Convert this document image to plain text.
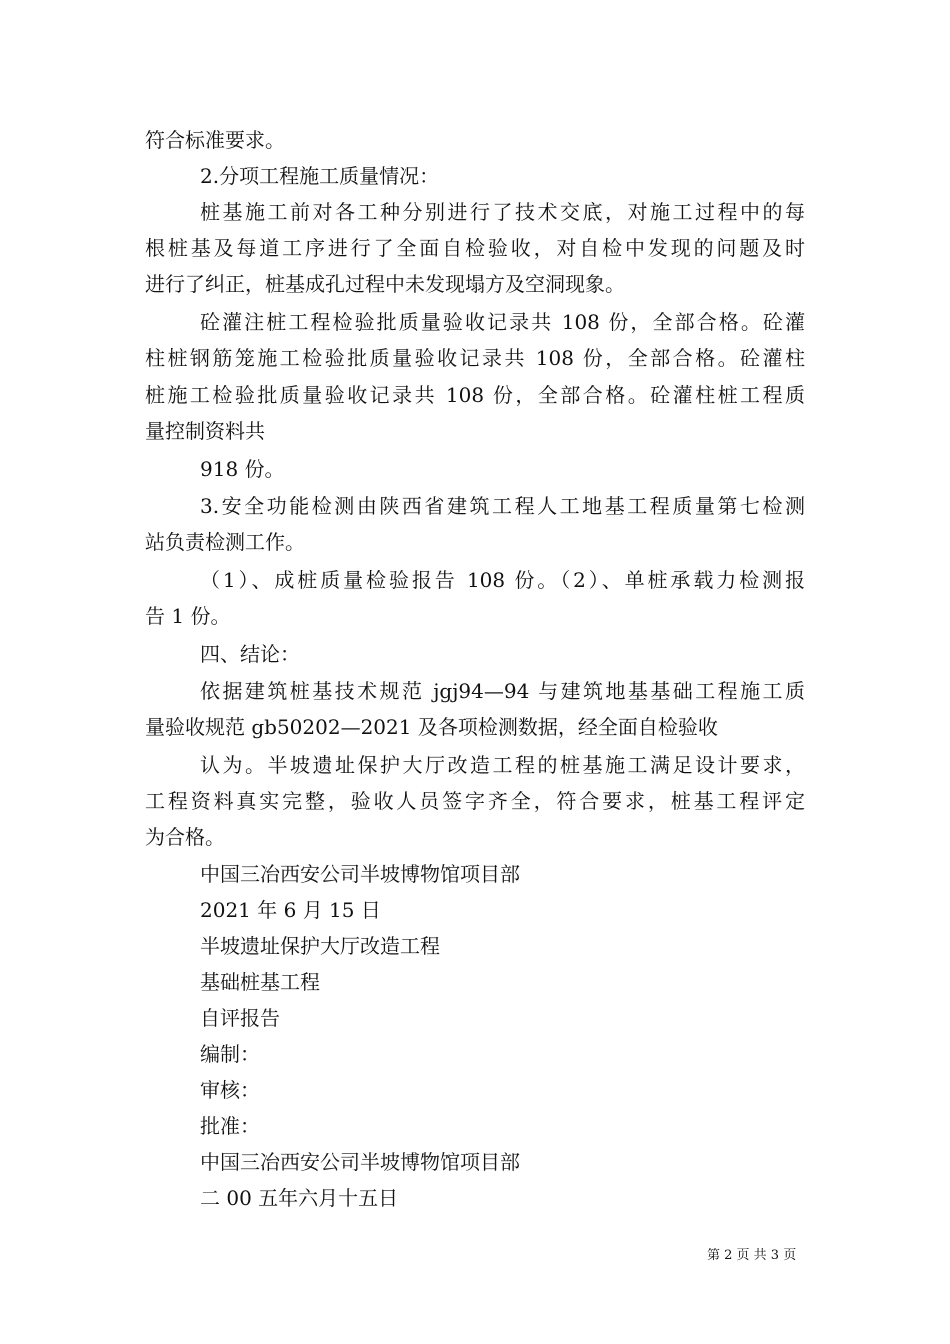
符合标准要求。
2.分项工程施工质量情况：
桩基施工前对各工种分别进行了技术交底，对施工过程中的每
根桩基及每道工序进行了全面自检验收，对自检中发现的问题及时
进行了纠正，桩基成孔过程中未发现塌方及空洞现象。
砼灌注桩工程检验批质量验收记录共 108 份，全部合格。砼灌
柱桩钢筋笼施工检验批质量验收记录共 108 份，全部合格。砼灌柱
桩施工检验批质量验收记录共 108 份，全部合格。砼灌柱桩工程质
量控制资料共
918 份。
3.安全功能检测由陕西省建筑工程人工地基工程质量第七检测
站负责检测工作。
（1）、成桩质量检验报告 108 份。（2）、单桩承载力检测报
告 1 份。
四、结论：
依据建筑桩基技术规范 jgj94—94 与建筑地基基础工程施工质
量验收规范 gb50202—2021 及各项检测数据，经全面自检验收
认为。半坡遗址保护大厅改造工程的桩基施工满足设计要求，
工程资料真实完整，验收人员签字齐全，符合要求，桩基工程评定
为合格。
中国三冶西安公司半坡博物馆项目部
2021 年 6 月 15 日
半坡遗址保护大厅改造工程
基础桩基工程
自评报告
编制：
审核：
批准：
中国三冶西安公司半坡博物馆项目部
二 00 五年六月十五日
第 2 页 共 3 页
